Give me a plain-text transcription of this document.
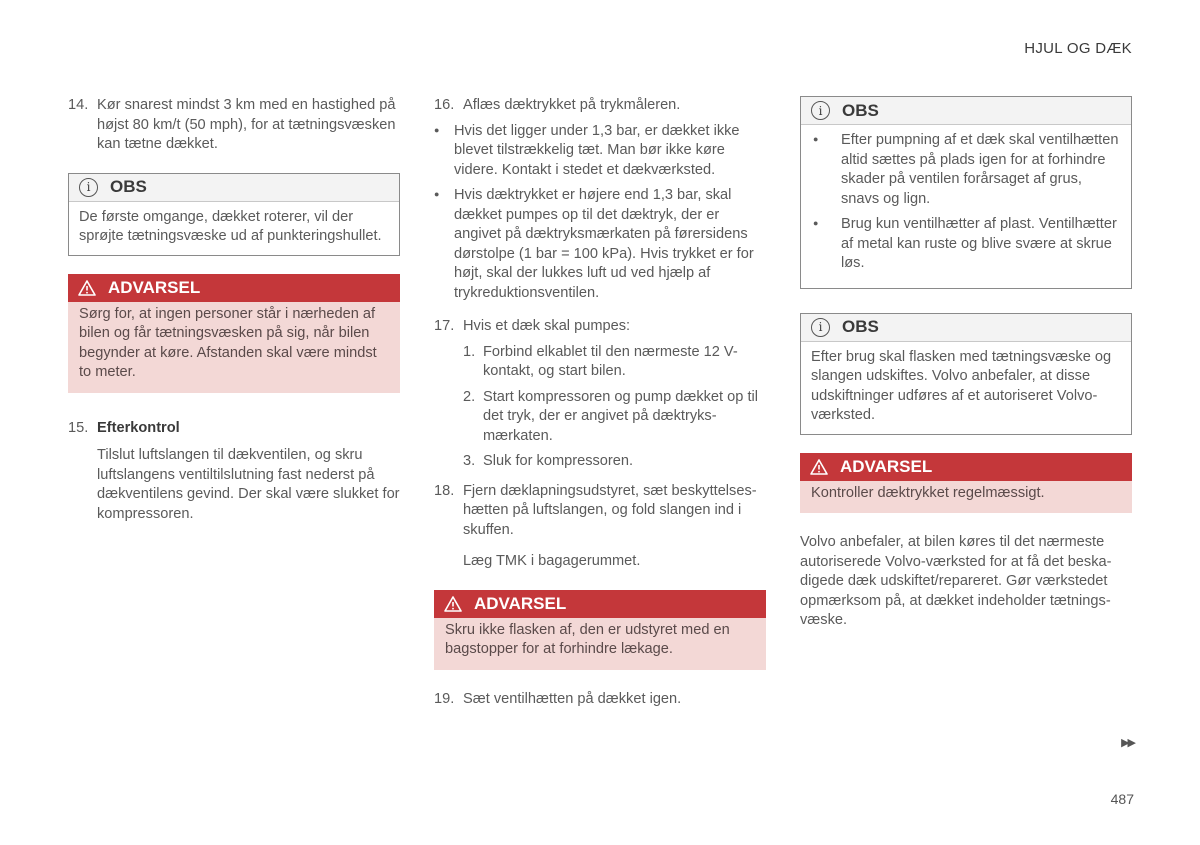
HJUL OG DÆK
14. Kør snarest mindst 3 km med en hastighed på højst 80 km/t (50 mph), for at tætningsvæsken kan tætne dækket.
i	OBS
De første omgange, dækket roterer, vil der sprøjte tætningsvæske ud af punkteringshullet.
ADVARSEL
Sørg for, at ingen personer står i nærheden af bilen og får tætningsvæsken på sig, når bilen begynder at køre. Afstanden skal være mindst to meter.
15. Efterkontrol
Tilslut luftslangen til dækventilen, og skru luftslangens ventiltilslutning fast nederst på dækventilens gevind. Der skal være slukket for kompressoren.
16. Aflæs dæktrykket på trykmåleren.
●
Hvis det ligger under 1,3 bar, er dækket ikke blevet tilstrækkelig tæt. Man bør ikke køre videre. Kontakt i stedet et dækværksted.
●
Hvis dæktrykket er højere end 1,3 bar, skal dækket pumpes op til det dæktryk, der er angivet på dæktryksmærkaten på førersidens dørstolpe (1 bar = 100 kPa). Hvis trykket er for højt, skal der lukkes luft ud ved hjælp af trykreduktionsventilen.
17. Hvis et dæk skal pumpes:
1. Forbind elkablet til den nærmeste 12 V-kontakt, og start bilen.
2. Start kompressoren og pump dækket op til det tryk, der er angivet på dæktryksmærkaten.
3. Sluk for kompressoren.
18. Fjern dæklapningsudstyret, sæt beskyttelseshætten på luftslangen, og fold slangen ind i skuffen.
Læg TMK i bagagerummet.
ADVARSEL
Skru ikke flasken af, den er udstyret med en bagstopper for at forhindre lækage.
19. Sæt ventilhætten på dækket igen.
i	OBS
●
Efter pumpning af et dæk skal ventilhætten altid sættes på plads igen for at forhindre skader på ventilen forårsaget af grus, snavs og lign.
●
Brug kun ventilhætter af plast. Ventilhætter af metal kan ruste og blive svære at skrue løs.
i	OBS
Efter brug skal flasken med tætningsvæske og slangen udskiftes. Volvo anbefaler, at disse udskiftninger udføres af et autoriseret Volvo-værksted.
ADVARSEL
Kontroller dæktrykket regelmæssigt.
Volvo anbefaler, at bilen køres til det nærmeste autoriserede Volvo-værksted for at få det beskadigede dæk udskiftet/repareret. Gør værkstedet opmærksom på, at dækket indeholder tætningsvæske.
▶▶
487
